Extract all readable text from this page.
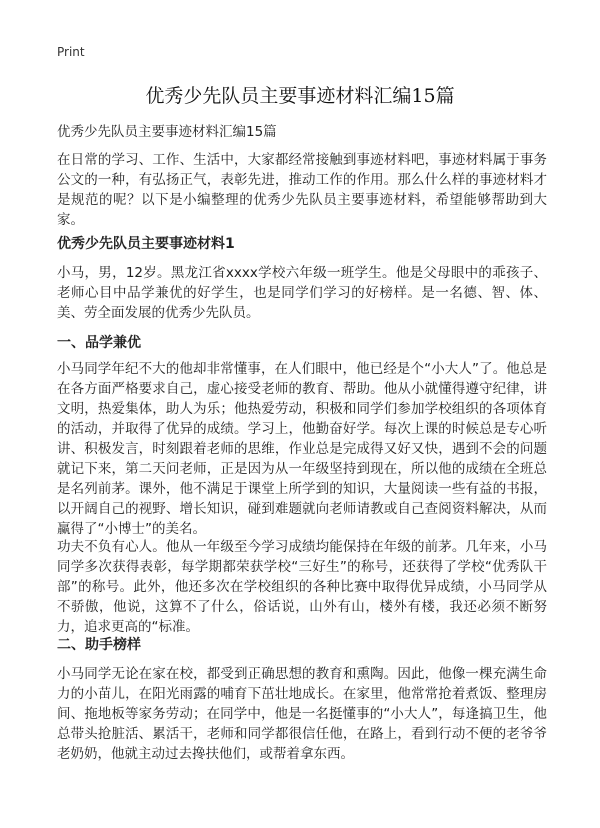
Print
优秀少先队员主要事迹材料汇编15篇
优秀少先队员主要事迹材料汇编15篇
在日常的学习、工作、生活中，大家都经常接触到事迹材料吧，事迹材料属于事务公文的一种，有弘扬正气，表彰先进，推动工作的作用。那么什么样的事迹材料才是规范的呢？以下是小编整理的优秀少先队员主要事迹材料，希望能够帮助到大家。
优秀少先队员主要事迹材料1
小马，男，12岁。黑龙江省xxxx学校六年级一班学生。他是父母眼中的乖孩子、老师心目中品学兼优的好学生，也是同学们学习的好榜样。是一名德、智、体、美、劳全面发展的优秀少先队员。
一、品学兼优
小马同学年纪不大的他却非常懂事，在人们眼中，他已经是个“小大人”了。他总是在各方面严格要求自己，虚心接受老师的教育、帮助。他从小就懂得遵守纪律，讲文明，热爱集体，助人为乐；他热爱劳动，积极和同学们参加学校组织的各项体育的活动，并取得了优异的成绩。学习上，他勤奋好学。每次上课的时候总是专心听讲、积极发言，时刻跟着老师的思维，作业总是完成得又好又快，遇到不会的问题就记下来，第二天问老师，正是因为从一年级坚持到现在，所以他的成绩在全班总是名列前茅。课外，他不满足于课堂上所学到的知识，大量阅读一些有益的书报，以开阔自己的视野、增长知识，碰到难题就向老师请教或自己查阅资料解决，从而赢得了“小博士”的美名。
功夫不负有心人。他从一年级至今学习成绩均能保持在年级的前茅。几年来，小马同学多次获得表彰，每学期都荣获学校“三好生”的称号，还获得了学校“优秀队干部”的称号。此外，他还多次在学校组织的各种比赛中取得优异成绩，小马同学从不骄傲，他说，这算不了什么，俗话说，山外有山，楼外有楼，我还必须不断努力，追求更高的“标准。
二、助手榜样
小马同学无论在家在校，都受到正确思想的教育和熏陶。因此，他像一棵充满生命力的小苗儿，在阳光雨露的哺育下茁壮地成长。在家里，他常常抢着煮饭、整理房间、拖地板等家务劳动；在同学中，他是一名挺懂事的“小大人”，每逢搞卫生，他总带头抢脏活、累活干，老师和同学都很信任他，在路上，看到行动不便的老爷爷老奶奶，他就主动过去搀扶他们，或帮着拿东西。
